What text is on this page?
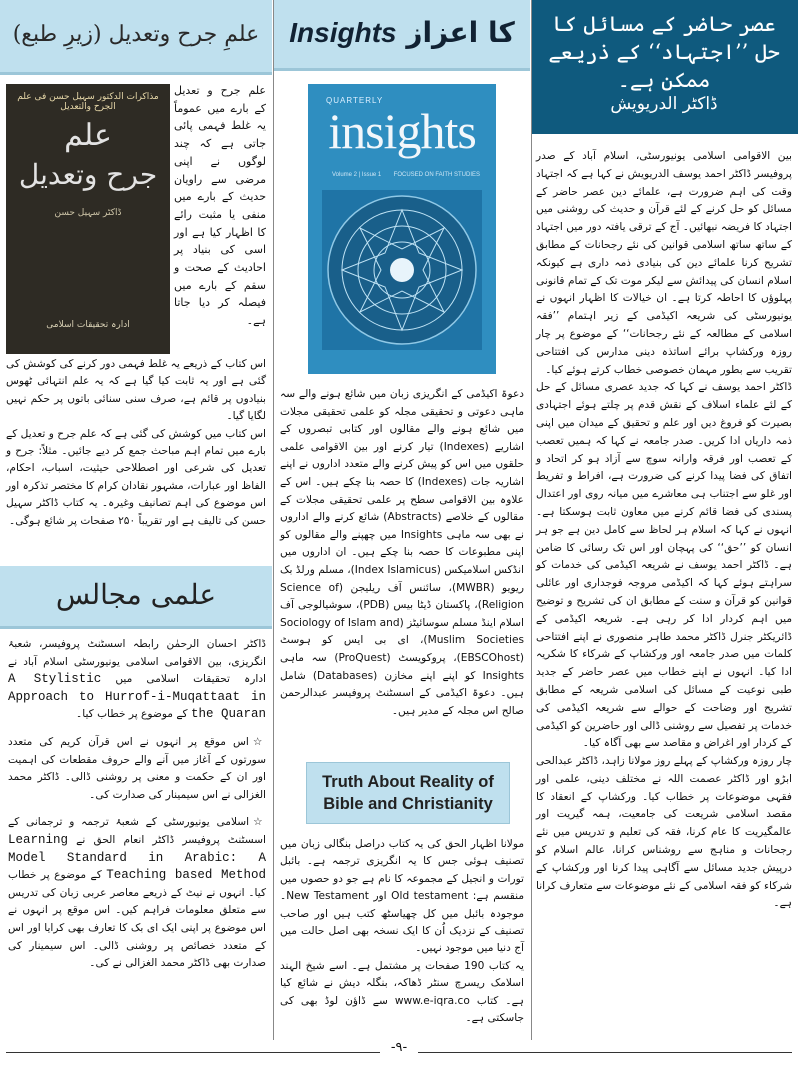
علمِ جرح وتعدیل (زیرِ طبع)
مذاکرات الدکتور سہیل حسن فی علم الجرح والتعدیل
علم
جرح وتعدیل
ڈاکٹر سہیل حسن
ادارہ تحقیقات اسلامی

علم جرح و تعدیل کے بارے میں عموماً یہ غلط فہمی پائی جاتی ہے کہ چند لوگوں نے اپنی مرضی سے راویان حدیث کے بارے میں منفی یا مثبت رائے کا اظہار کیا ہے اور اسی کی بنیاد پر احادیث کے صحت و سقم کے بارے میں فیصلہ کر دیا جاتا ہے۔

اس کتاب کے ذریعے یہ غلط فہمی دور کرنے کی کوشش کی گئی ہے اور یہ ثابت کیا گیا ہے کہ یہ علم انتہائی ٹھوس بنیادوں پر قائم ہے، صرف سنی سنائی باتوں پر حکم نہیں لگایا گیا۔

اس کتاب میں کوشش کی گئی ہے کہ علم جرح و تعدیل کے بارے میں تمام اہم مباحث جمع کر دیے جائیں۔ مثلاً: جرح و تعدیل کی شرعی اور اصطلاحی حیثیت، اسباب، احکام، الفاظ اور عبارات، مشہور نقادان کرام کا مختصر تذکرہ اور اس موضوع کی اہم تصانیف وغیرہ۔ یہ کتاب ڈاکٹر سہیل حسن کی تالیف ہے اور تقریباً ۲۵۰ صفحات پر شائع ہوگی۔

علمی مجالس

ڈاکٹر احسان الرحمٰن رابطہ اسسٹنٹ پروفیسر، شعبۂ انگریزی، بین الاقوامی اسلامی یونیورسٹی اسلام آباد نے ادارہ تحقیقات اسلامی میں A Stylistic Approach to Hurrof-i-Muqattaat in the Quaran کے موضوع پر خطاب کیا۔

☆اس موقع پر انہوں نے اس قرآن کریم کی متعدد سورتوں کے آغاز میں آنے والے حروف مقطعات کی اہمیت اور ان کے حکمت و معنی پر روشنی ڈالی۔ ڈاکٹر محمد الغزالی نے اس سیمینار کی صدارت کی۔

☆اسلامی یونیورسٹی کے شعبۂ ترجمہ و ترجمانی کے اسسٹنٹ پروفیسر ڈاکٹر انعام الحق نے Learning Model Standard in Arabic: A Teaching based Method کے موضوع پر خطاب کیا۔ انہوں نے نیٹ کے ذریعے معاصر عربی زبان کی تدریس سے متعلق معلومات فراہم کیں۔ اس موقع پر انہوں نے اس موضوع پر اپنی ایک ای بک کا تعارف بھی کرایا اور اس کے متعدد خصائص پر روشنی ڈالی۔ اس سیمینار کی صدارت بھی ڈاکٹر محمد الغزالی نے کی۔

Insights کا اعزاز
QUARTERLY
insights
Volume 2 | Issue 1 FOCUSED ON FAITH STUDIES

دعوۃ اکیڈمی کے انگریزی زبان میں شائع ہونے والے سہ ماہی دعوتی و تحقیقی مجلہ کو علمی تحقیقی مجلات میں شائع ہونے والے مقالوں اور کتابی تبصروں کے اشاریے (Indexes) تیار کرنے اور بین الاقوامی علمی حلقوں میں اس کو پیش کرنے والے متعدد اداروں نے اپنے اشاریہ جات (Indexes) کا حصہ بنا چکے ہیں۔ اس کے علاوہ بین الاقوامی سطح پر علمی تحقیقی مجلات کے مقالوں کے خلاصے (Abstracts) شائع کرنے والے اداروں نے بھی سہ ماہی Insights میں چھپنے والے مقالوں کو اپنی مطبوعات کا حصہ بنا چکے ہیں۔ ان اداروں میں انڈکس اسلامیکس (Index Islamicus)، مسلم ورلڈ بک ریویو (MWBR)، سائنس آف ریلیجن (Science of Religion)، پاکستان ڈیٹا بیس (PDB)، سوشیالوجی آف اسلام اینڈ مسلم سوسائیٹز (Sociology of Islam and Muslim Societies)، ای بی ایس کو ہوسٹ (EBSCOhost)، پروکویسٹ (ProQuest) سہ ماہی Insights کو اپنے اپنے مخازن (Databases) شامل ہیں۔ دعوۃ اکیڈمی کے اسسٹنٹ پروفیسر عبدالرحمن صالح اس مجلہ کے مدیر ہیں۔

Truth About Reality of Bible and Christianity

مولانا اظہار الحق کی یہ کتاب دراصل بنگالی زبان میں تصنیف ہوئی جس کا یہ انگریزی ترجمہ ہے۔ بائبل تورات و انجیل کے مجموعہ کا نام ہے جو دو حصوں میں منقسم ہے: Old testament اور New Testament۔ موجودہ بائبل میں کل چھیاسٹھ کتب ہیں اور صاحب تصنیف کے نزدیک اُن کا ایک نسخہ بھی اصل حالت میں آج دنیا میں موجود نہیں۔

یہ کتاب 190 صفحات پر مشتمل ہے۔ اسے شیخ الہند اسلامک ریسرچ سنٹر ڈھاکہ، بنگلہ دیش نے شائع کیا ہے۔ کتاب www.e-iqra.co سے ڈاؤن لوڈ بھی کی جاسکتی ہے۔

عصر حاضر کے مسائل کا حل ’’اجتہاد‘‘ کے ذریعے ممکن ہے۔
ڈاکٹر الدریویش

بین الاقوامی اسلامی یونیورسٹی، اسلام آباد کے صدر پروفیسر ڈاکٹر احمد یوسف الدریویش نے کہا ہے کہ اجتہاد وقت کی اہم ضرورت ہے، علمائے دین عصر حاضر کے مسائل کو حل کرنے کے لئے قرآن و حدیث کی روشنی میں اجتہاد کا فریضہ نبھائیں۔ آج کے ترقی یافتہ دور میں اجتہاد کے ساتھ ساتھ اسلامی قوانین کی نئے رجحانات کے مطابق تشریح کرنا علمائے دین کی بنیادی ذمہ داری ہے کیونکہ اسلام انسان کی پیدائش سے لیکر موت تک کے تمام قانونی پہلوؤں کا احاطہ کرتا ہے۔ ان خیالات کا اظہار انہوں نے یونیورسٹی کی شریعہ اکیڈمی کے زیر اہتمام ’’فقہ اسلامی کے مطالعہ کے نئے رجحانات‘‘ کے موضوع پر چار روزہ ورکشاپ برائے اساتذہ دینی مدارس کی افتتاحی تقریب سے بطور مہمان خصوصی خطاب کرتے ہوئے کیا۔

ڈاکٹر احمد یوسف نے کہا کہ جدید عصری مسائل کے حل کے لئے علماء اسلاف کے نقش قدم پر چلتے ہوئے اجتہادی بصیرت کو فروغ دیں اور علم و تحقیق کے میدان میں اپنی ذمہ داریاں ادا کریں۔ صدر جامعہ نے کہا کہ ہمیں تعصب کے تعصب اور فرقہ وارانہ سوچ سے آزاد ہو کر اتحاد و اتفاق کی فضا پیدا کرنے کی ضرورت ہے، افراط و تفریط اور غلو سے اجتناب ہی معاشرے میں میانہ روی اور اعتدال پسندی کی فضا قائم کرنے میں معاون ثابت ہوسکتا ہے۔ انہوں نے کہا کہ اسلام ہر لحاظ سے کامل دین ہے جو ہر انسان کو ’’حق‘‘ کی پہچان اور اس تک رسائی کا ضامن ہے۔ ڈاکٹر احمد یوسف نے شریعہ اکیڈمی کی خدمات کو سراہتے ہوئے کہا کہ اکیڈمی مروجہ فوجداری اور عائلی قوانین کو قرآن و سنت کے مطابق ان کی تشریح و توضیح میں اہم کردار ادا کر رہی ہے۔ شریعہ اکیڈمی کے ڈائریکٹر جنرل ڈاکٹر محمد طاہر منصوری نے اپنے افتتاحی کلمات میں صدر جامعہ اور ورکشاپ کے شرکاء کا شکریہ ادا کیا۔ انہوں نے اپنے خطاب میں عصر حاضر کے جدید طبی نوعیت کے مسائل کی اسلامی شریعہ کے مطابق تشریح اور وضاحت کے حوالے سے شریعہ اکیڈمی کی خدمات پر تفصیل سے روشنی ڈالی اور حاضرین کو اکیڈمی کے کردار اور اغراض و مقاصد سے بھی آگاہ کیا۔

چار روزہ ورکشاپ کے پہلے روز مولانا زاہد، ڈاکٹر عبدالحی ابڑو اور ڈاکٹر عصمت اللہ نے مختلف دینی، علمی اور فقہی موضوعات پر خطاب کیا۔ ورکشاپ کے انعقاد کا مقصد اسلامی شریعت کی جامعیت، ہمہ گیریت اور عالمگیریت کا عام کرنا، فقہ کی تعلیم و تدریس میں نئے رجحانات و مناہج سے روشناس کرانا، عالم اسلام کو درپیش جدید مسائل سے آگاہی پیدا کرنا اور ورکشاپ کے شرکاء کو فقہ اسلامی کے نئے موضوعات سے متعارف کرانا ہے۔

-۹-
